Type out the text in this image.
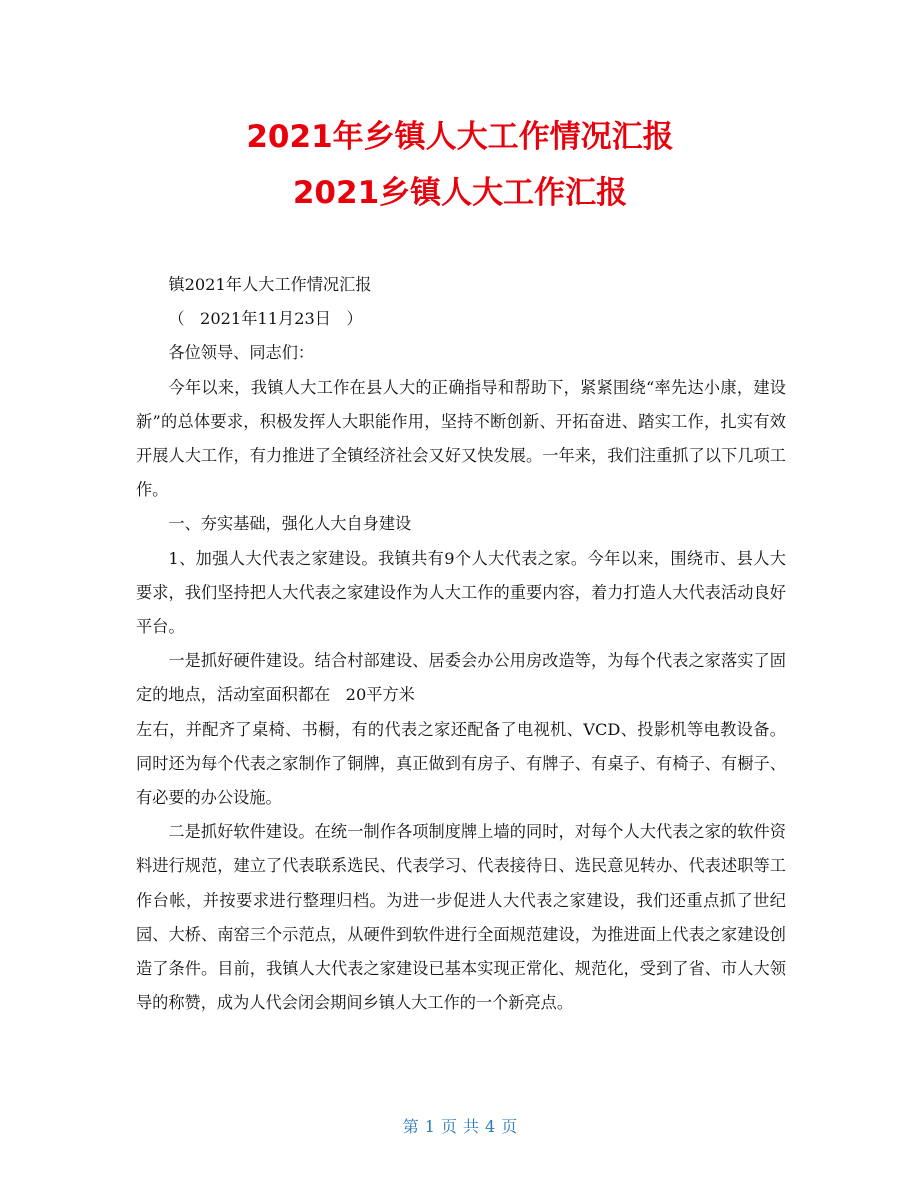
2021年乡镇人大工作情况汇报
2021乡镇人大工作汇报

镇2021年人大工作情况汇报

（   2021年11月23日   ）

各位领导、同志们：

今年以来，我镇人大工作在县人大的正确指导和帮助下，紧紧围绕“率先达小康，建设新”的总体要求，积极发挥人大职能作用，坚持不断创新、开拓奋进、踏实工作，扎实有效开展人大工作，有力推进了全镇经济社会又好又快发展。一年来，我们注重抓了以下几项工作。

一、夯实基础，强化人大自身建设

1、加强人大代表之家建设。我镇共有9个人大代表之家。今年以来，围绕市、县人大要求，我们坚持把人大代表之家建设作为人大工作的重要内容，着力打造人大代表活动良好平台。

一是抓好硬件建设。结合村部建设、居委会办公用房改造等，为每个代表之家落实了固定的地点，活动室面积都在   20平方米

左右，并配齐了桌椅、书橱，有的代表之家还配备了电视机、VCD、投影机等电教设备。同时还为每个代表之家制作了铜牌，真正做到有房子、有牌子、有桌子、有椅子、有橱子、有必要的办公设施。

二是抓好软件建设。在统一制作各项制度牌上墙的同时，对每个人大代表之家的软件资料进行规范，建立了代表联系选民、代表学习、代表接待日、选民意见转办、代表述职等工作台帐，并按要求进行整理归档。为进一步促进人大代表之家建设，我们还重点抓了世纪园、大桥、南窑三个示范点，从硬件到软件进行全面规范建设，为推进面上代表之家建设创造了条件。目前，我镇人大代表之家建设已基本实现正常化、规范化，受到了省、市人大领导的称赞，成为人代会闭会期间乡镇人大工作的一个新亮点。

第 1 页 共 4 页
